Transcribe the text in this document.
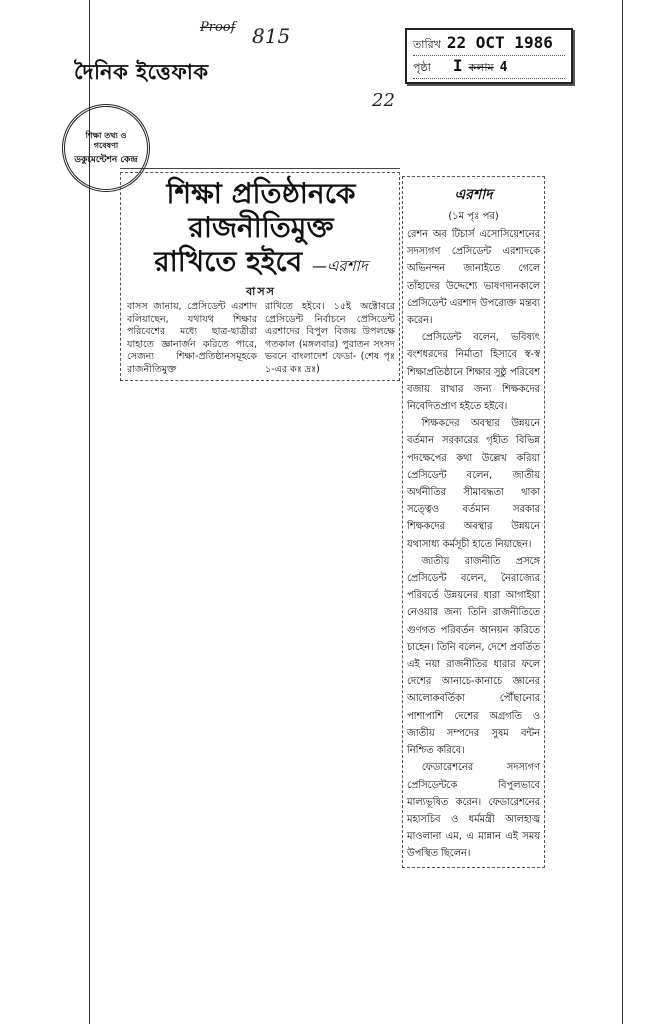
Proof 815
22
দৈনিক ইত্তেফাক
শিক্ষা তথ্য ও গবেষণা
ডকুমেন্টেশন কেন্দ্র
তারিখ 22 OCT 1986
পৃষ্ঠা I কলাম 4
শিক্ষা প্রতিষ্ঠানকে রাজনীতিমুক্ত
রাখিতে হইবে —এরশাদ
বাসস

বাসস জানায়, প্রেসিডেন্ট এরশাদ বলিয়াছেন, যথাযথ শিক্ষার পরিবেশের মধ্যে ছাত্র-ছাত্রীরা যাহাতে জ্ঞানার্জন করিতে পারে, সেজন্য শিক্ষা-প্রতিষ্ঠানসমূহকে রাজনীতিমুক্ত

রাখিতে হইবে। ১৫ই অক্টোবরে প্রেসিডেন্ট নির্বাচনে প্রেসিডেন্ট এরশাদের বিপুল বিজয় উপলক্ষে গতকাল (মঙ্গলবার) পুরাতন সংসদ ভবনে বাংলাদেশ ফেডা- (শেষ পৃঃ ১-এর কঃ দ্রঃ)

এরশাদ
(১ম পৃঃ পর)

রেশন অব টিচার্স এসোসিয়েশনের সদস্যগণ প্রেসিডেন্ট এরশাদকে অভিনন্দন জানাইতে গেলে তাঁহাদের উদ্দেশ্যে ভাষণদানকালে প্রেসিডেন্ট এরশাদ উপরোক্ত মন্তব্য করেন।

প্রেসিডেন্ট বলেন, ভবিষ্যৎ বংশধরদের নির্মাতা হিসাবে স্ব-স্ব শিক্ষাপ্রতিষ্ঠানে শিক্ষার সুষ্ঠু পরিবেশ বজায় রাখার জন্য শিক্ষকদের নিবেদিতপ্রাণ হইতে হইবে।

শিক্ষকদের অবস্থার উন্নয়নে বর্তমান সরকারের গৃহীত বিভিন্ন পদক্ষেপের কথা উল্লেখ করিয়া প্রেসিডেন্ট বলেন, জাতীয় অর্থনীতির সীমাবদ্ধতা থাকা সত্ত্বেও বর্তমান সরকার শিক্ষকদের অবস্থার উন্নয়নে যথাসাধ্য কর্মসূচী হাতে নিয়াছেন।

জাতীয় রাজনীতি প্রসঙ্গে প্রেসিডেন্ট বলেন, নৈরাজ্যের পরিবর্তে উন্নয়নের ধারা আগাইয়া নেওয়ার জন্য তিনি রাজনীতিতে গুণগত পরিবর্তন আনয়ন করিতে চাহেন। তিনি বলেন, দেশে প্রবর্তিত এই নয়া রাজনীতির ধারার ফলে দেশের আনাচে-কানাচে জ্ঞানের আলোকবর্তিকা পৌঁছানোর পাশাপাশি দেশের অগ্রগতি ও জাতীয় সম্পদের সুষম বন্টন নিশ্চিত করিবে।

ফেডারেশনের সদস্যগণ প্রেসিডেন্টকে বিপুলভাবে মাল্যভূষিত করেন। ফেডারেশনের মহাসচিব ও ধর্মমন্ত্রী আলহাজ্ব মাওলানা এম, এ মান্নান এই সময় উপস্থিত ছিলেন।
